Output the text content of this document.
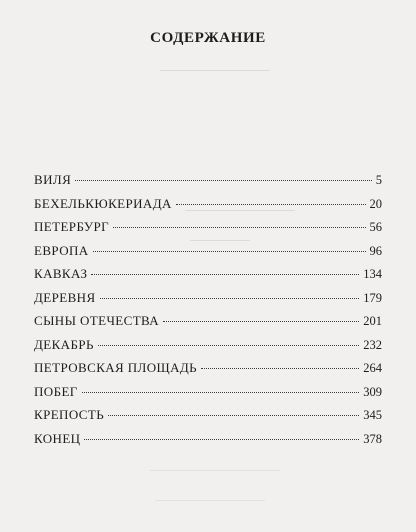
СОДЕРЖАНИЕ
ВИЛЯ	5
БЕХЕЛЬКЮКЕРИАДА	20
ПЕТЕРБУРГ	56
ЕВРОПА	96
КАВКАЗ	134
ДЕРЕВНЯ	179
СЫНЫ ОТЕЧЕСТВА	201
ДЕКАБРЬ	232
ПЕТРОВСКАЯ ПЛОЩАДЬ	264
ПОБЕГ	309
КРЕПОСТЬ	345
КОНЕЦ	378
